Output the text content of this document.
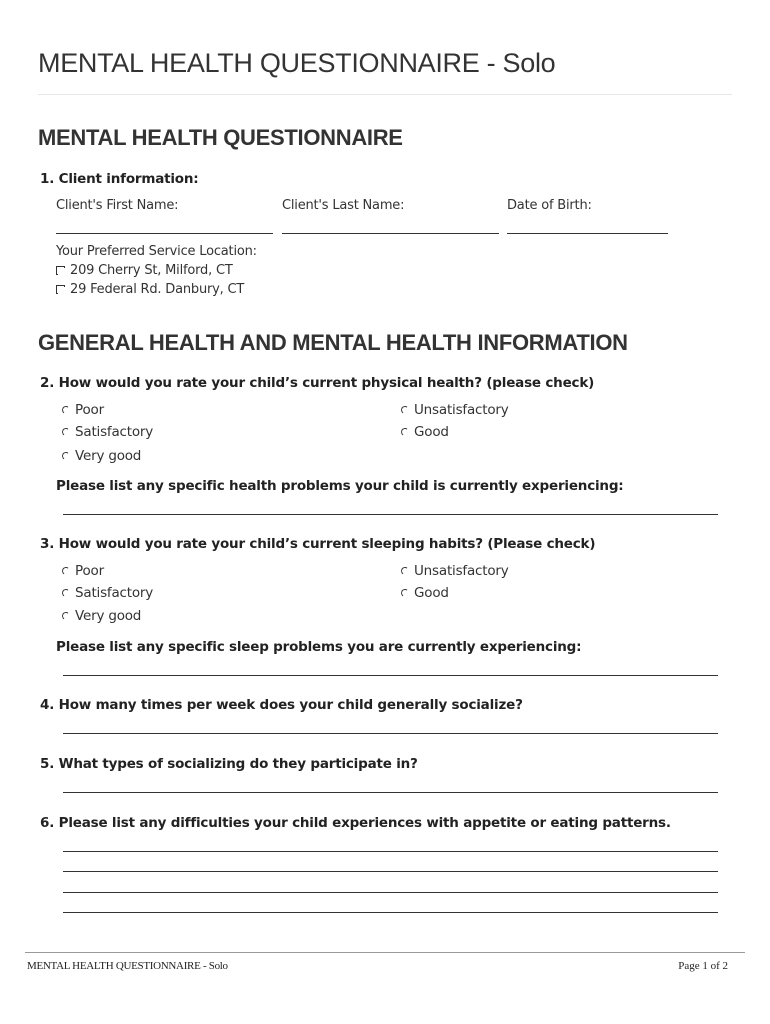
MENTAL HEALTH QUESTIONNAIRE - Solo
MENTAL HEALTH QUESTIONNAIRE
1. Client information:
Client's First Name:	Client's Last Name:	Date of Birth:
Your Preferred Service Location:
209 Cherry St, Milford, CT
29 Federal Rd. Danbury, CT
GENERAL HEALTH AND MENTAL HEALTH INFORMATION
2. How would you rate your child’s current physical health? (please check)
Poor	Unsatisfactory
Satisfactory	Good
Very good
Please list any specific health problems your child is currently experiencing:
3. How would you rate your child’s current sleeping habits? (Please check)
Poor	Unsatisfactory
Satisfactory	Good
Very good
Please list any specific sleep problems you are currently experiencing:
4. How many times per week does your child generally socialize?
5. What types of socializing do they participate in?
6. Please list any difficulties your child experiences with appetite or eating patterns.
MENTAL HEALTH QUESTIONNAIRE - Solo	Page 1 of 2
